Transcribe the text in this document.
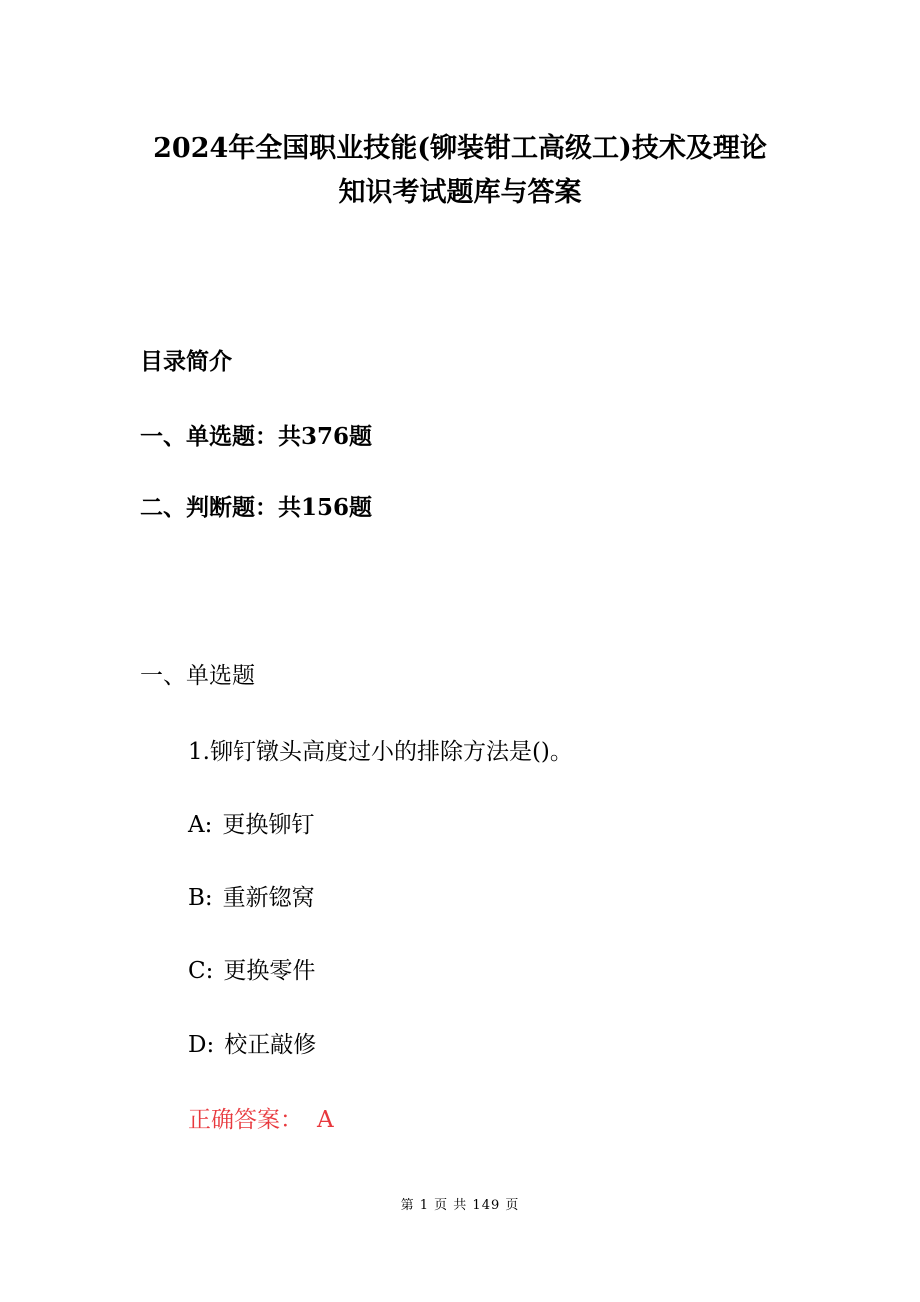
2024年全国职业技能(铆装钳工高级工)技术及理论
知识考试题库与答案
目录简介
一、单选题：共376题
二、判断题：共156题
一、单选题
1.铆钉镦头高度过小的排除方法是()。
A: 更换铆钉
B: 重新锪窝
C: 更换零件
D: 校正敲修
正确答案： A
第 1 页 共 149 页
